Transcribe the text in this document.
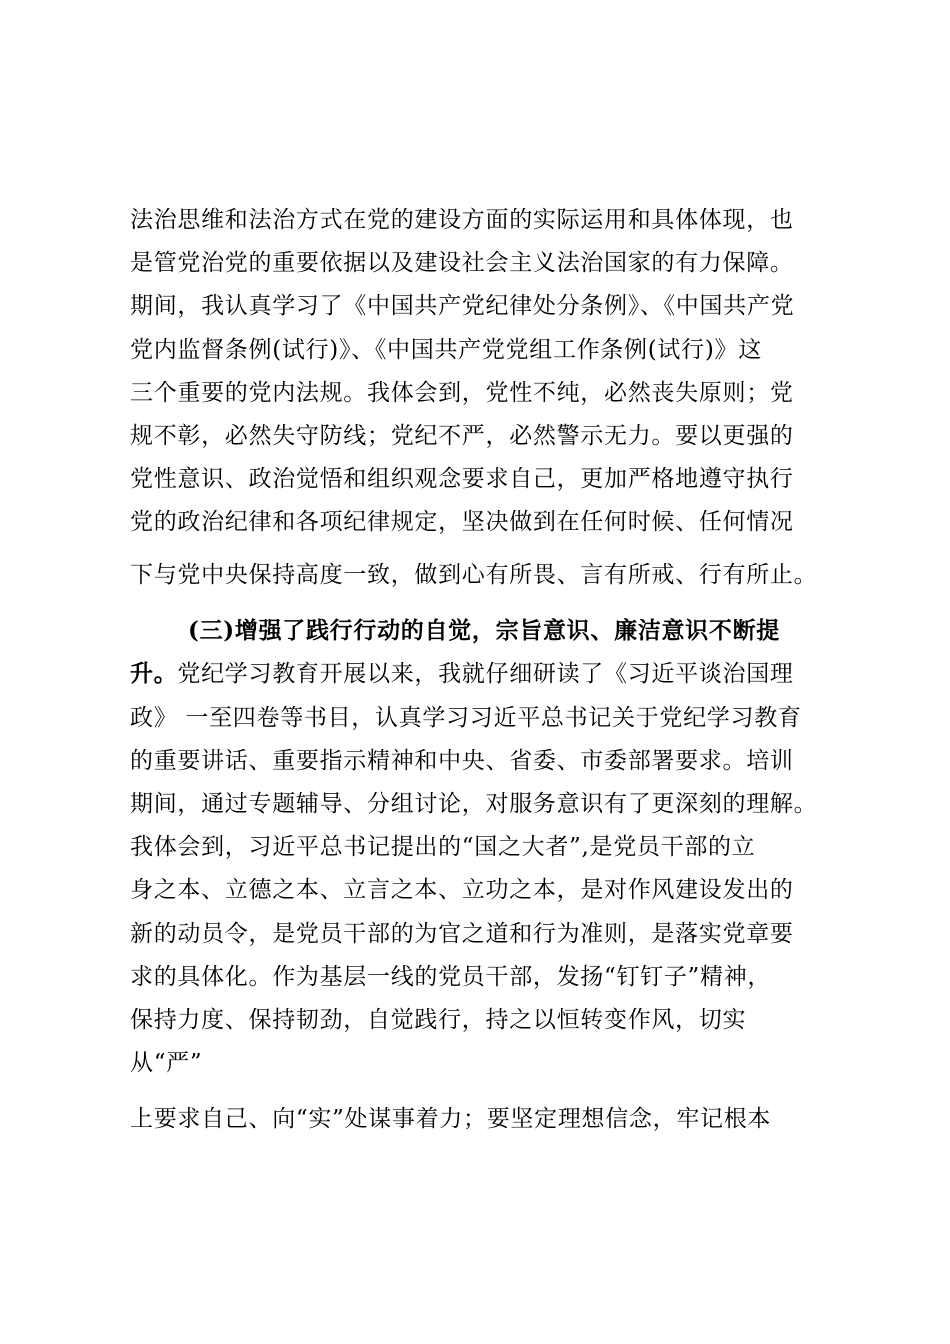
法治思维和法治方式在党的建设方面的实际运用和具体体现，也
是管党治党的重要依据以及建设社会主义法治国家的有力保障。
期间，我认真学习了《中国共产党纪律处分条例》、《中国共产党
党内监督条例(试行)》、《中国共产党党组工作条例(试行)》这
三个重要的党内法规。我体会到，党性不纯，必然丧失原则；党
规不彰，必然失守防线；党纪不严，必然警示无力。要以更强的
党性意识、政治觉悟和组织观念要求自己，更加严格地遵守执行
党的政治纪律和各项纪律规定，坚决做到在任何时候、任何情况
下与党中央保持高度一致，做到心有所畏、言有所戒、行有所止。
(三)增强了践行行动的自觉，宗旨意识、廉洁意识不断提
升。党纪学习教育开展以来，我就仔细研读了《习近平谈治国理
政》 一至四卷等书目，认真学习习近平总书记关于党纪学习教育
的重要讲话、重要指示精神和中央、省委、市委部署要求。培训
期间，通过专题辅导、分组讨论，对服务意识有了更深刻的理解。
我体会到，习近平总书记提出的“国之大者”,是党员干部的立
身之本、立德之本、立言之本、立功之本，是对作风建设发出的
新的动员令，是党员干部的为官之道和行为准则，是落实党章要
求的具体化。作为基层一线的党员干部，发扬“钉钉子”精神，
保持力度、保持韧劲，自觉践行，持之以恒转变作风，切实
从“严”
上要求自己、向“实”处谋事着力；要坚定理想信念，牢记根本
